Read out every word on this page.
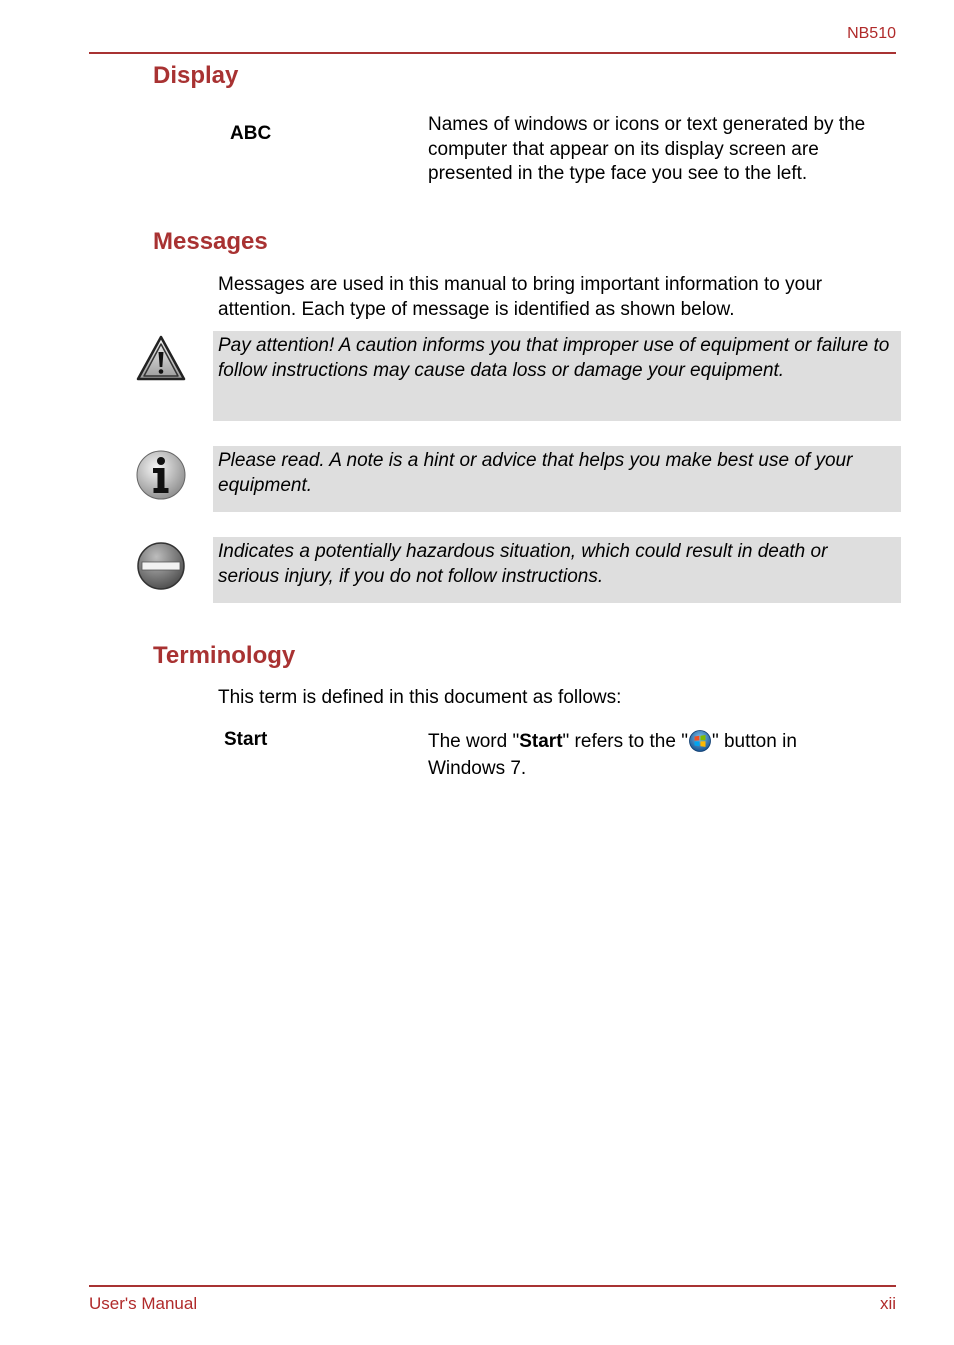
NB510
Display
ABC	Names of windows or icons or text generated by the computer that appear on its display screen are presented in the type face you see to the left.
Messages
Messages are used in this manual to bring important information to your attention. Each type of message is identified as shown below.
Pay attention! A caution informs you that improper use of equipment or failure to follow instructions may cause data loss or damage your equipment.
Please read. A note is a hint or advice that helps you make best use of your equipment.
Indicates a potentially hazardous situation, which could result in death or serious injury, if you do not follow instructions.
Terminology
This term is defined in this document as follows:
Start	The word "Start" refers to the " " button in Windows 7.
User's Manual	xii
